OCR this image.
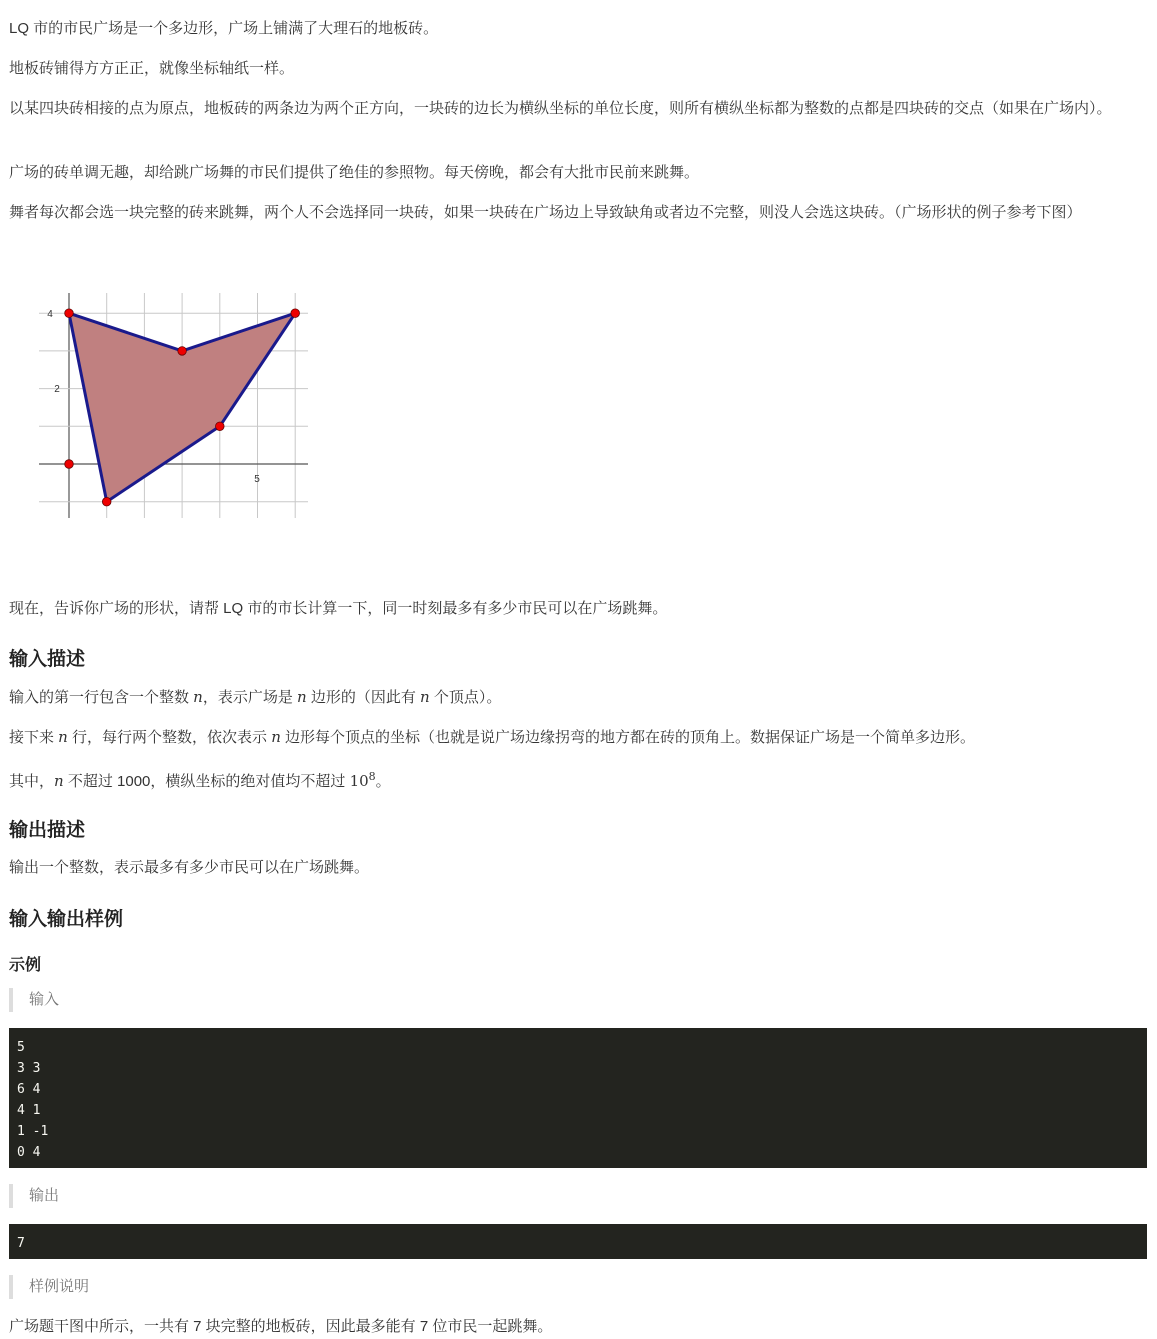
LQ 市的市民广场是一个多边形，广场上铺满了大理石的地板砖。

地板砖铺得方方正正，就像坐标轴纸一样。

以某四块砖相接的点为原点，地板砖的两条边为两个正方向，一块砖的边长为横纵坐标的单位长度，则所有横纵坐标都为整数的点都是四块砖的交点（如果在广场内）。

广场的砖单调无趣，却给跳广场舞的市民们提供了绝佳的参照物。每天傍晚，都会有大批市民前来跳舞。

舞者每次都会选一块完整的砖来跳舞，两个人不会选择同一块砖，如果一块砖在广场边上导致缺角或者边不完整，则没人会选这块砖。（广场形状的例子参考下图）

4
2
5

现在，告诉你广场的形状，请帮 LQ 市的市长计算一下，同一时刻最多有多少市民可以在广场跳舞。

输入描述

输入的第一行包含一个整数 n，表示广场是 n 边形的（因此有 n 个顶点）。

接下来 n 行，每行两个整数，依次表示 n 边形每个顶点的坐标（也就是说广场边缘拐弯的地方都在砖的顶角上。数据保证广场是一个简单多边形。

其中，n 不超过 1000，横纵坐标的绝对值均不超过 $10^8$。

输出描述

输出一个整数，表示最多有多少市民可以在广场跳舞。

输入输出样例
示例
输入
5
3 3
6 4
4 1
1 -1
0 4
输出
7
样例说明

广场题干图中所示，一共有 7 块完整的地板砖，因此最多能有 7 位市民一起跳舞。
